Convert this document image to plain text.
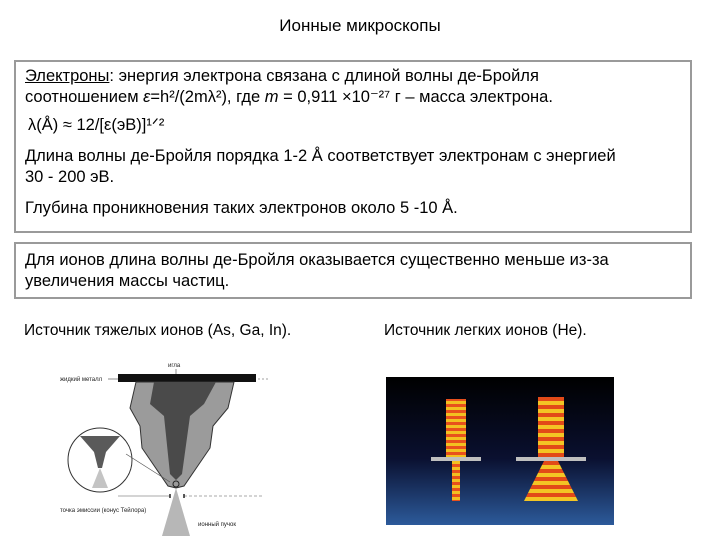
Ионные микроскопы
Электроны: энергия электрона связана с длиной волны де-Бройля
соотношением ε=h²/(2mλ²), где m = 0,911 ×10⁻²⁷ г – масса электрона.
λ(Å) ≈ 12/[ε(эВ)]¹ᐟ²
Длина волны де-Бройля порядка 1-2 Å соответствует электронам с энергией
30 - 200 эВ.
Глубина проникновения таких электронов около 5 -10 Å.
Для ионов длина волны де-Бройля оказывается существенно меньше из-за
увеличения массы частиц.
Источник тяжелых ионов (As, Ga, In).	Источник легких ионов (He).
игла
жидкий металл
точка эмиссии (конус Тейлора)
ионный пучок
